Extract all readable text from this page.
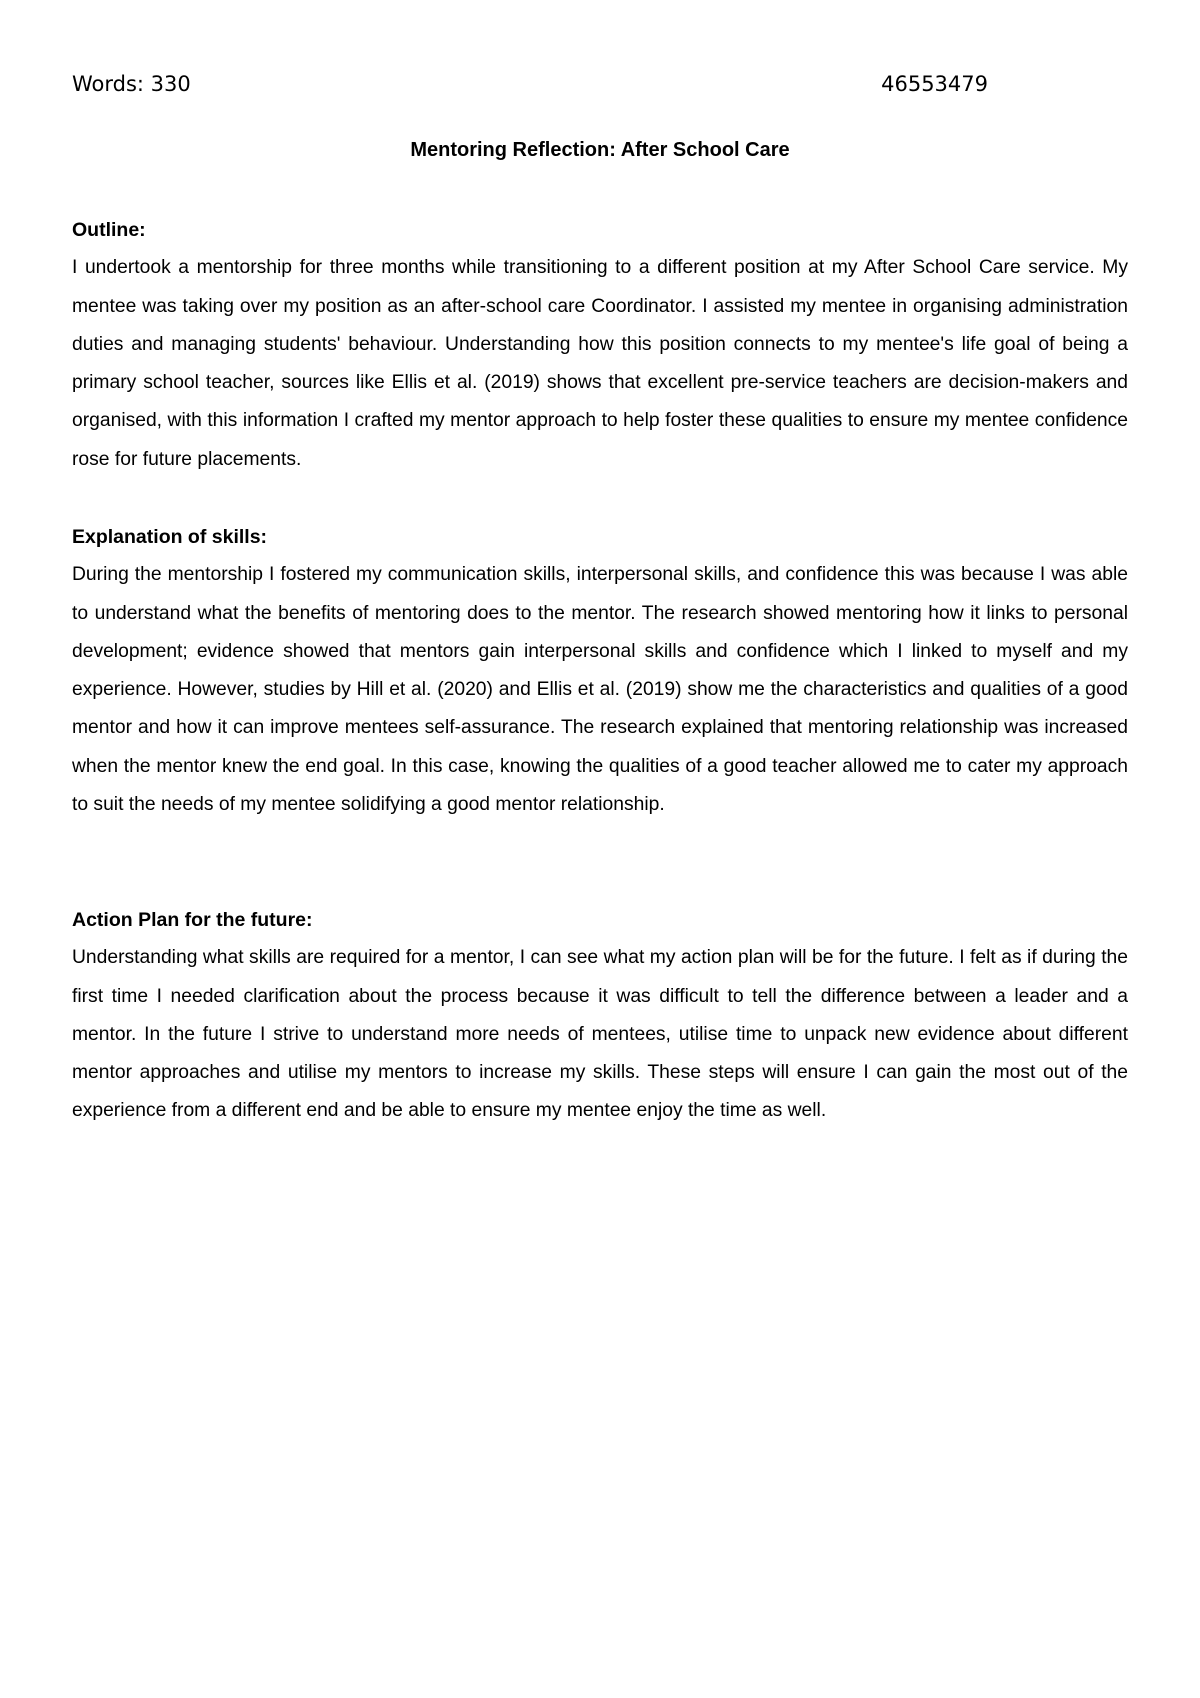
Words: 330	46553479
Mentoring Reflection: After School Care

Outline:

I undertook a mentorship for three months while transitioning to a different position at my After School Care service. My mentee was taking over my position as an after-school care Coordinator. I assisted my mentee in organising administration duties and managing students' behaviour. Understanding how this position connects to my mentee's life goal of being a primary school teacher, sources like Ellis et al. (2019) shows that excellent pre-service teachers are decision-makers and organised, with this information I crafted my mentor approach to help foster these qualities to ensure my mentee confidence rose for future placements.

Explanation of skills:

During the mentorship I fostered my communication skills, interpersonal skills, and confidence this was because I was able to understand what the benefits of mentoring does to the mentor. The research showed mentoring how it links to personal development; evidence showed that mentors gain interpersonal skills and confidence which I linked to myself and my experience. However, studies by Hill et al. (2020) and Ellis et al. (2019) show me the characteristics and qualities of a good mentor and how it can improve mentees self-assurance. The research explained that mentoring relationship was increased when the mentor knew the end goal. In this case, knowing the qualities of a good teacher allowed me to cater my approach to suit the needs of my mentee solidifying a good mentor relationship.

Action Plan for the future:

Understanding what skills are required for a mentor, I can see what my action plan will be for the future. I felt as if during the first time I needed clarification about the process because it was difficult to tell the difference between a leader and a mentor. In the future I strive to understand more needs of mentees, utilise time to unpack new evidence about different mentor approaches and utilise my mentors to increase my skills. These steps will ensure I can gain the most out of the experience from a different end and be able to ensure my mentee enjoy the time as well.
